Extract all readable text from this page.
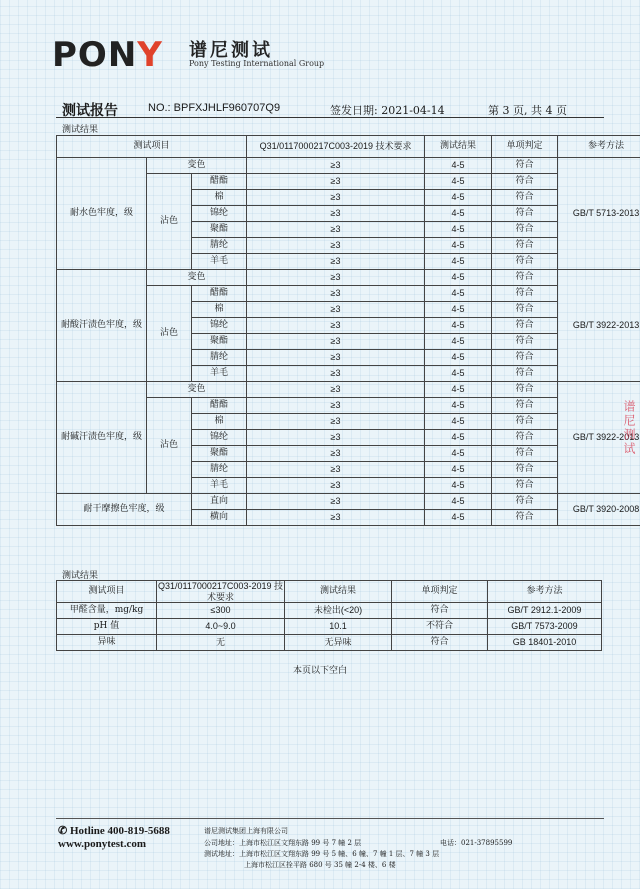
PONY 谱尼测试
Pony Testing International Group
测试报告	NO.: BPFXJHLF960707Q9	签发日期: 2021-04-14	第 3 页, 共 4 页
测试结果
测试项目			Q31/0117000217C003-2019 技术要求	测试结果	单项判定	参考方法
耐水色牢度，级	变色		≥3	4-5	符合	GB/T 5713-2013
	沾色	醋酯	≥3	4-5	符合	
		棉	≥3	4-5	符合	
		锦纶	≥3	4-5	符合	
		聚酯	≥3	4-5	符合	
		腈纶	≥3	4-5	符合	
		羊毛	≥3	4-5	符合	
耐酸汗渍色牢度，级	变色		≥3	4-5	符合	GB/T 3922-2013
	沾色	醋酯	≥3	4-5	符合	
		棉	≥3	4-5	符合	
		锦纶	≥3	4-5	符合	
		聚酯	≥3	4-5	符合	
		腈纶	≥3	4-5	符合	
		羊毛	≥3	4-5	符合	
耐碱汗渍色牢度，级	变色		≥3	4-5	符合	GB/T 3922-2013
	沾色	醋酯	≥3	4-5	符合	
		棉	≥3	4-5	符合	
		锦纶	≥3	4-5	符合	
		聚酯	≥3	4-5	符合	
		腈纶	≥3	4-5	符合	
		羊毛	≥3	4-5	符合	
耐干摩擦色牢度，级		直向	≥3	4-5	符合	GB/T 3920-2008
		横向	≥3	4-5	符合	
测试结果
测试项目	Q31/0117000217C003-2019 技术要求	测试结果	单项判定	参考方法
甲醛含量，mg/kg	≤300	未检出(<20)	符合	GB/T 2912.1-2009
pH 值	4.0~9.0	10.1	不符合	GB/T 7573-2009
异味	无	无异味	符合	GB 18401-2010
本页以下空白
谱尼测试
✆ Hotline 400-819-5688
www.ponytest.com
谱尼测试集团上海有限公司
公司地址：上海市松江区文翔东路 99 号 7 幢 2 层	电话：021-37895599
测试地址：上海市松江区文翔东路 99 号 5 幢、6 幢、7 幢 1 层、7 幢 3 层
上海市松江区拴平路 680 号 35 幢 2-4 楼、6 楼
